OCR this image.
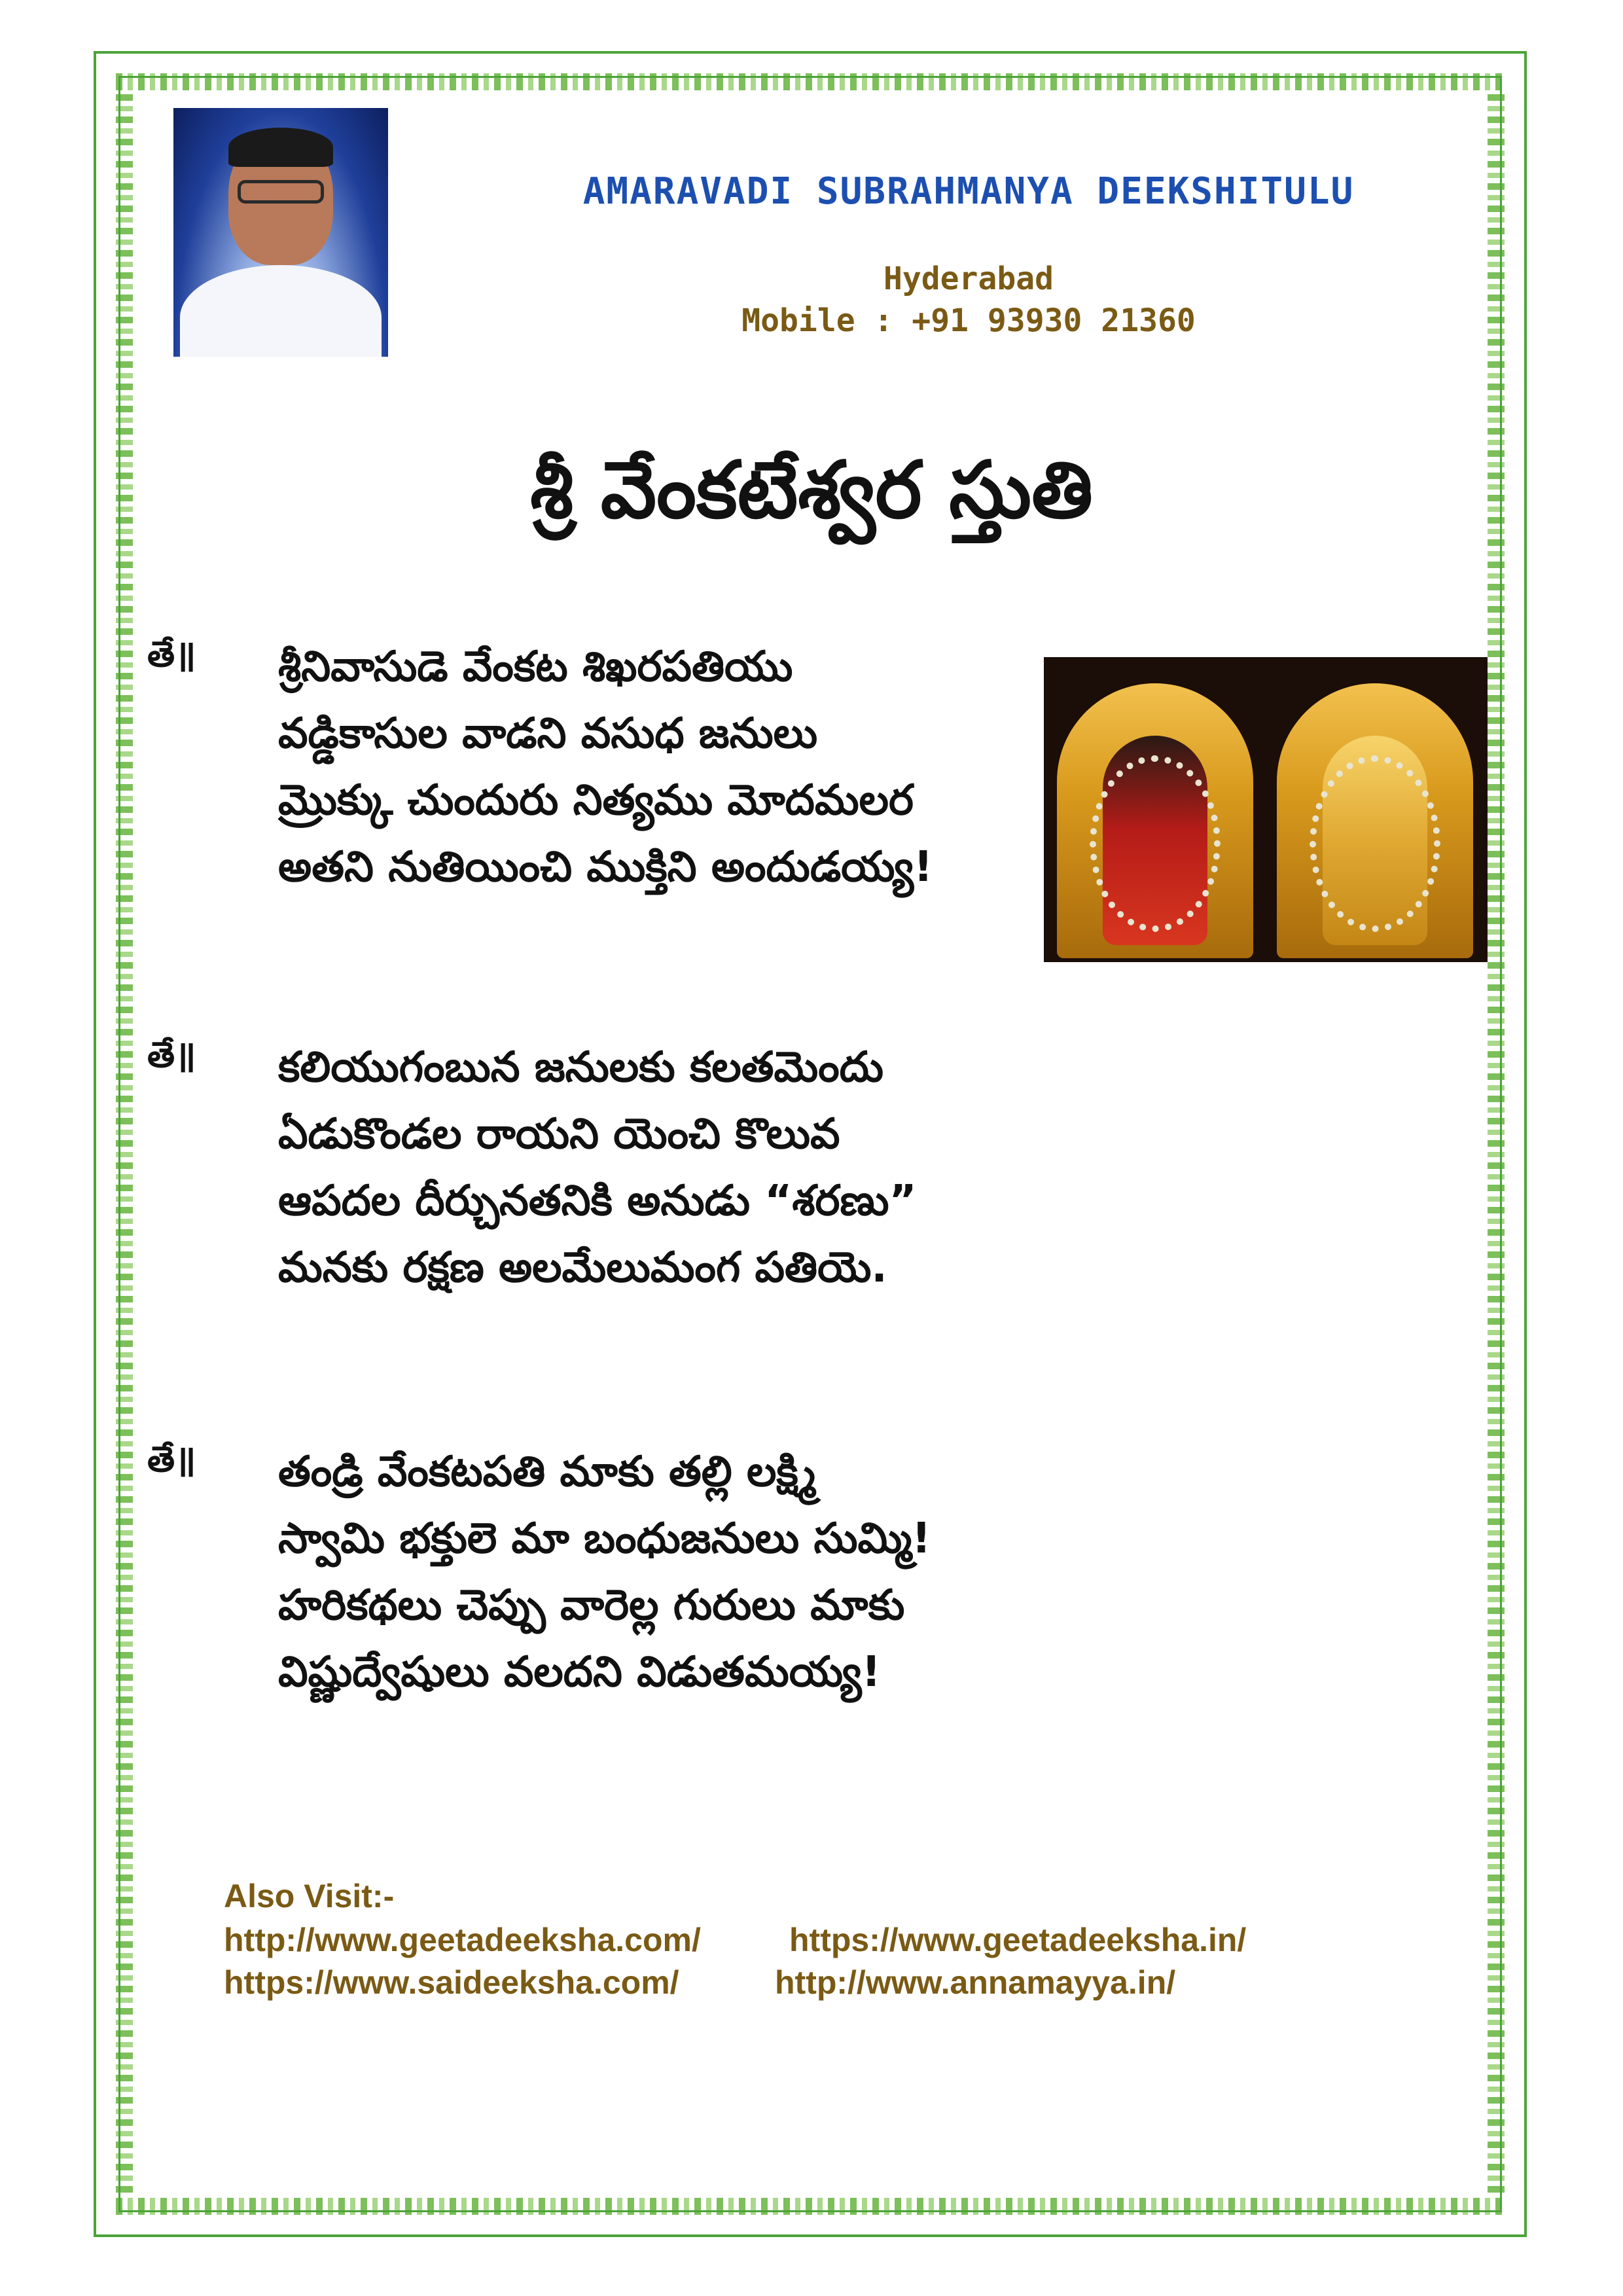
AMARAVADI SUBRAHMANYA DEEKSHITULU
Hyderabad
Mobile : +91 93930 21360
శ్రీ వేంకటేశ్వర స్తుతి
తే॥ శ్రీనివాసుడె వేంకట శిఖరపతియు
వడ్డికాసుల వాడని వసుధ జనులు
మ్రొక్కు చుందురు నిత్యము మోదమలర
అతని నుతియించి ముక్తిని అందుడయ్య!
తే॥ కలియుగంబున జనులకు కలతమెందు
ఏడుకొండల రాయని యెంచి కొలువ
ఆపదల దీర్చునతనికి అనుడు “శరణు”
మనకు రక్షణ అలమేలుమంగ పతియె.
తే॥ తండ్రి వేంకటపతి మాకు తల్లి లక్ష్మి
స్వామి భక్తులె మా బంధుజనులు సుమ్మి!
హరికథలు చెప్పు వారెల్ల గురులు మాకు
విష్ణుద్వేషులు వలదని విడుతమయ్య!
Also Visit:-
http://www.geetadeeksha.com/	https://www.geetadeeksha.in/
https://www.saideeksha.com/	http://www.annamayya.in/
